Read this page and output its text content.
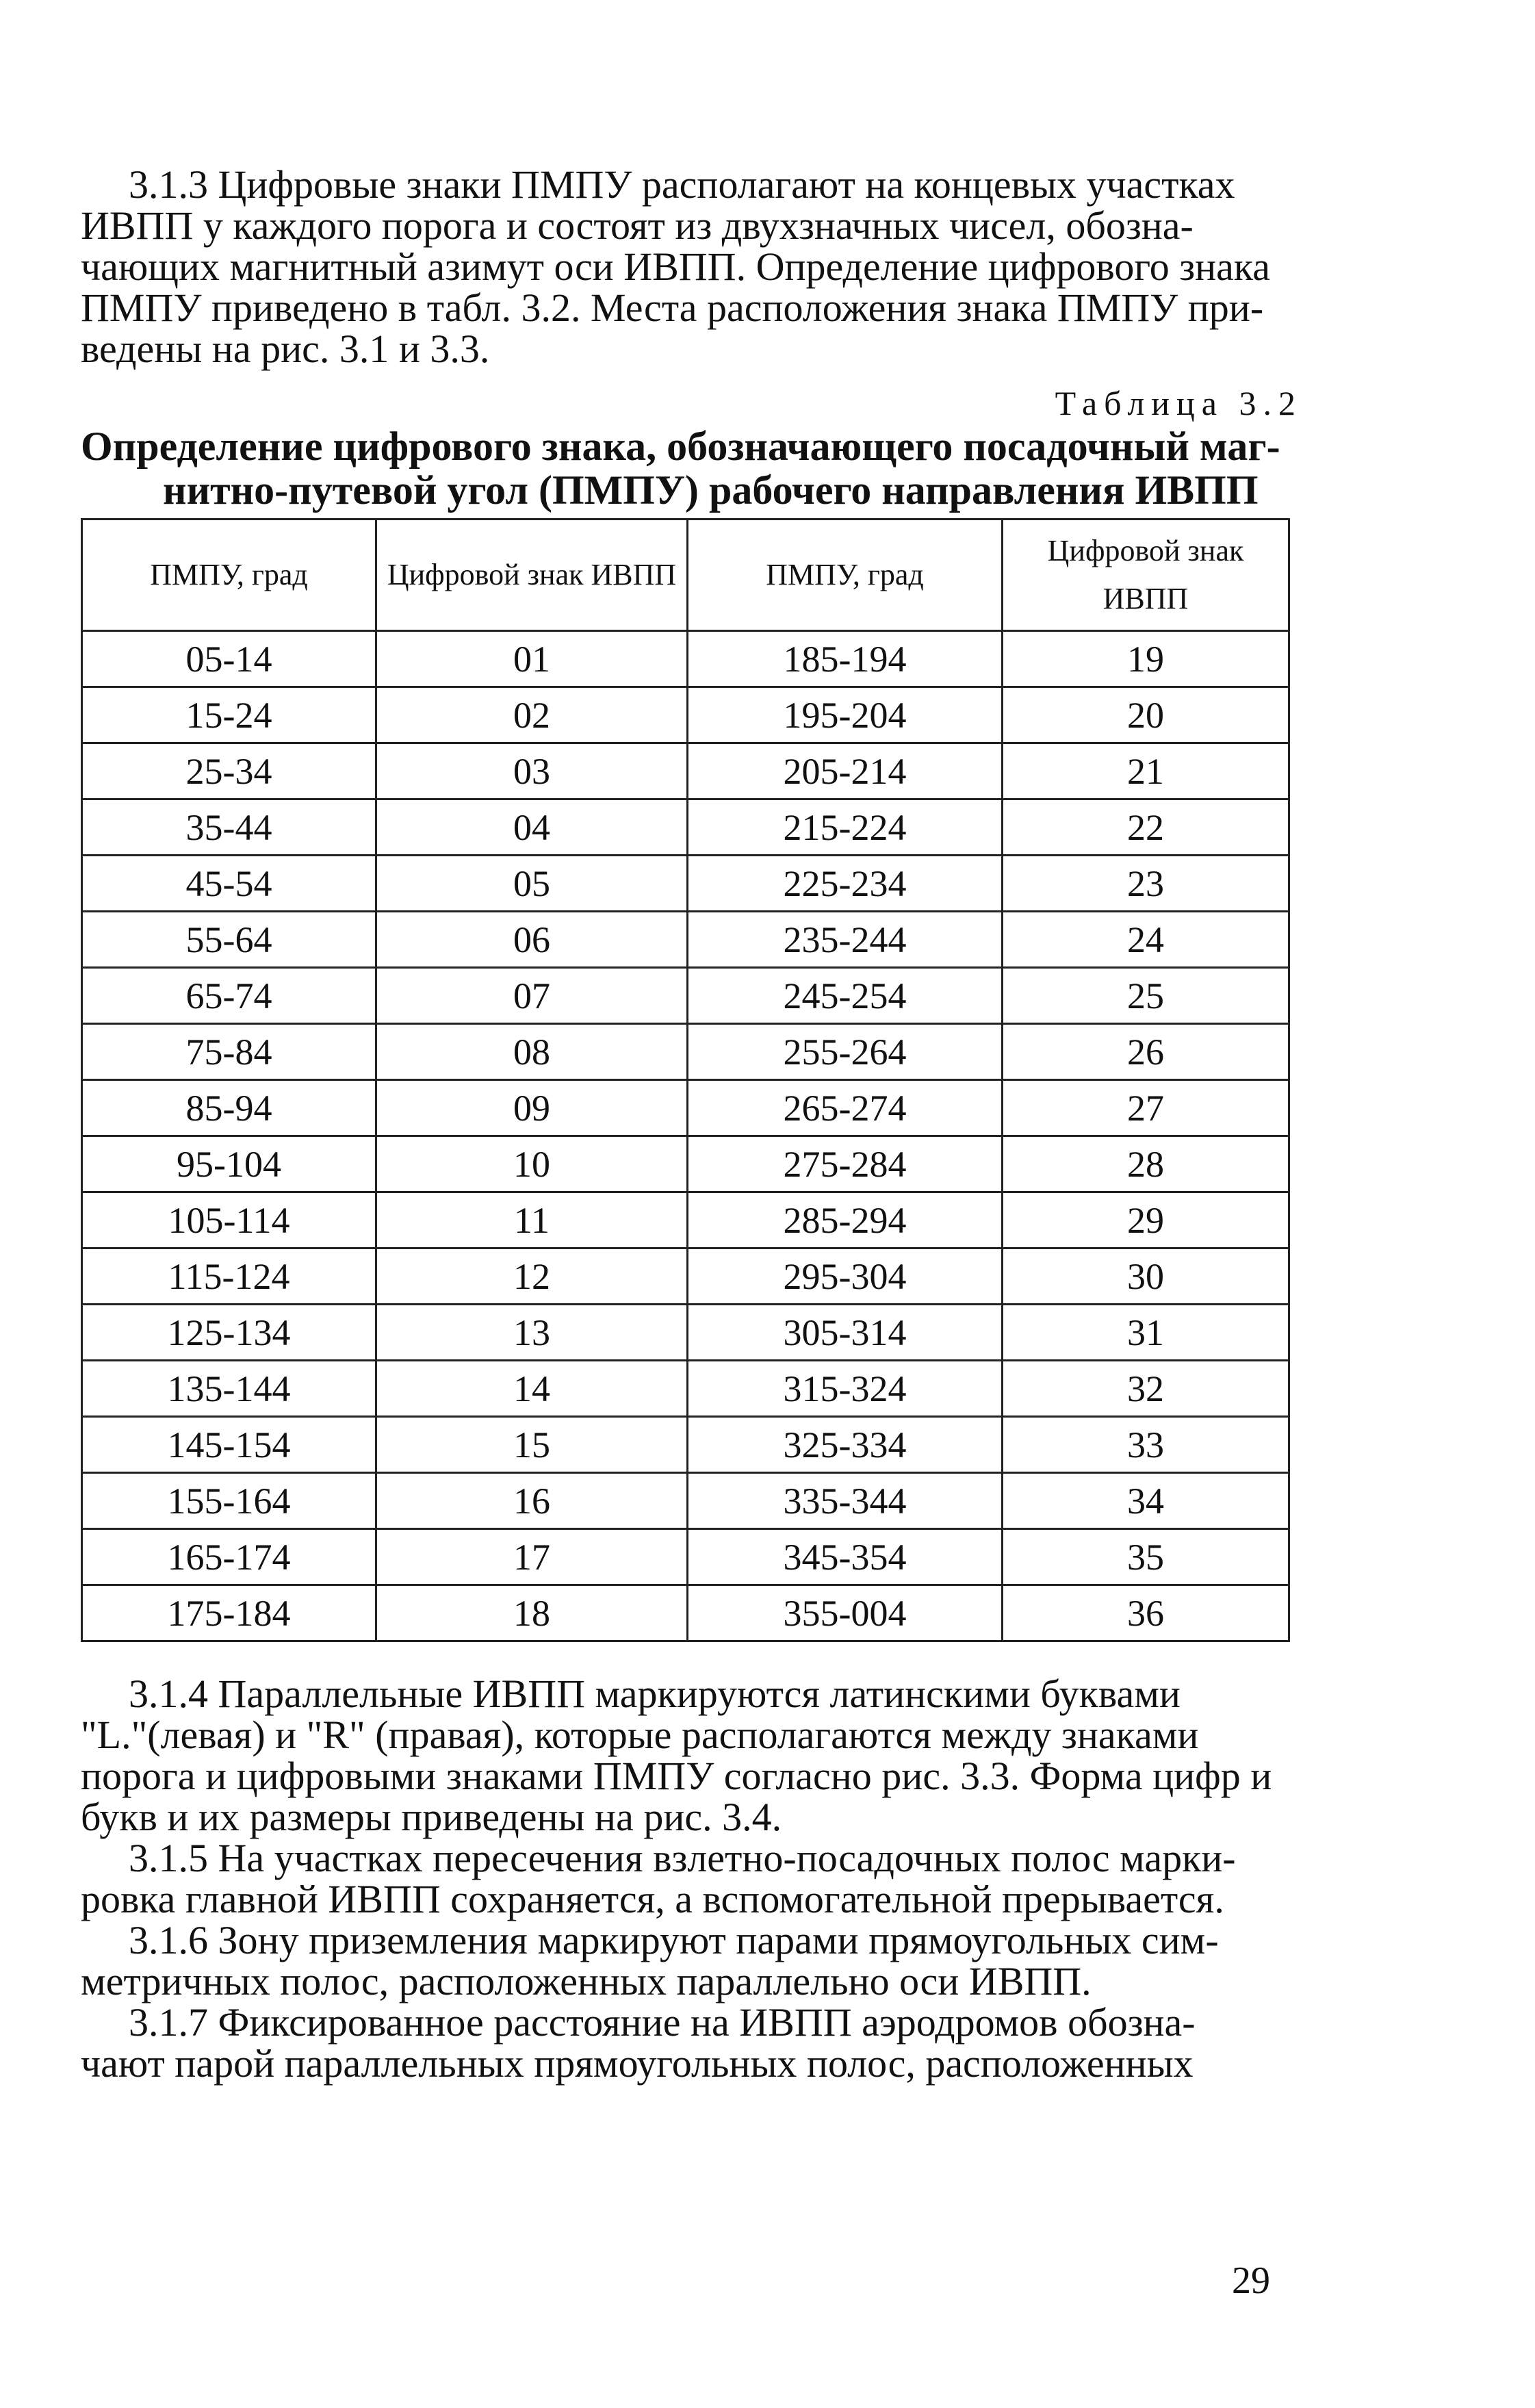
3.1.3 Цифровые знаки ПМПУ располагают на концевых участках
ИВПП у каждого порога и состоят из двухзначных чисел, обозна-
чающих магнитный азимут оси ИВПП. Определение цифрового знака
ПМПУ приведено в табл. 3.2. Места расположения знака ПМПУ при-
ведены на рис. 3.1 и 3.3.
Таблица 3.2
Определение цифрового знака, обозначающего посадочный маг-
нитно-путевой угол (ПМПУ) рабочего направления ИВПП
ПМПУ, град	Цифровой знак ИВПП	ПМПУ, град	Цифровой знак ИВПП
05-14	01	185-194	19
15-24	02	195-204	20
25-34	03	205-214	21
35-44	04	215-224	22
45-54	05	225-234	23
55-64	06	235-244	24
65-74	07	245-254	25
75-84	08	255-264	26
85-94	09	265-274	27
95-104	10	275-284	28
105-114	11	285-294	29
115-124	12	295-304	30
125-134	13	305-314	31
135-144	14	315-324	32
145-154	15	325-334	33
155-164	16	335-344	34
165-174	17	345-354	35
175-184	18	355-004	36
3.1.4 Параллельные ИВПП маркируются латинскими буквами
"L."(левая) и "R" (правая), которые располагаются между знаками
порога и цифровыми знаками ПМПУ согласно рис. 3.3. Форма цифр и
букв и их размеры приведены на рис. 3.4.
3.1.5 На участках пересечения взлетно-посадочных полос марки-
ровка главной ИВПП сохраняется, а вспомогательной прерывается.
3.1.6 Зону приземления маркируют парами прямоугольных сим-
метричных полос, расположенных параллельно оси ИВПП.
3.1.7 Фиксированное расстояние на ИВПП аэродромов обозна-
чают парой параллельных прямоугольных полос, расположенных
29
